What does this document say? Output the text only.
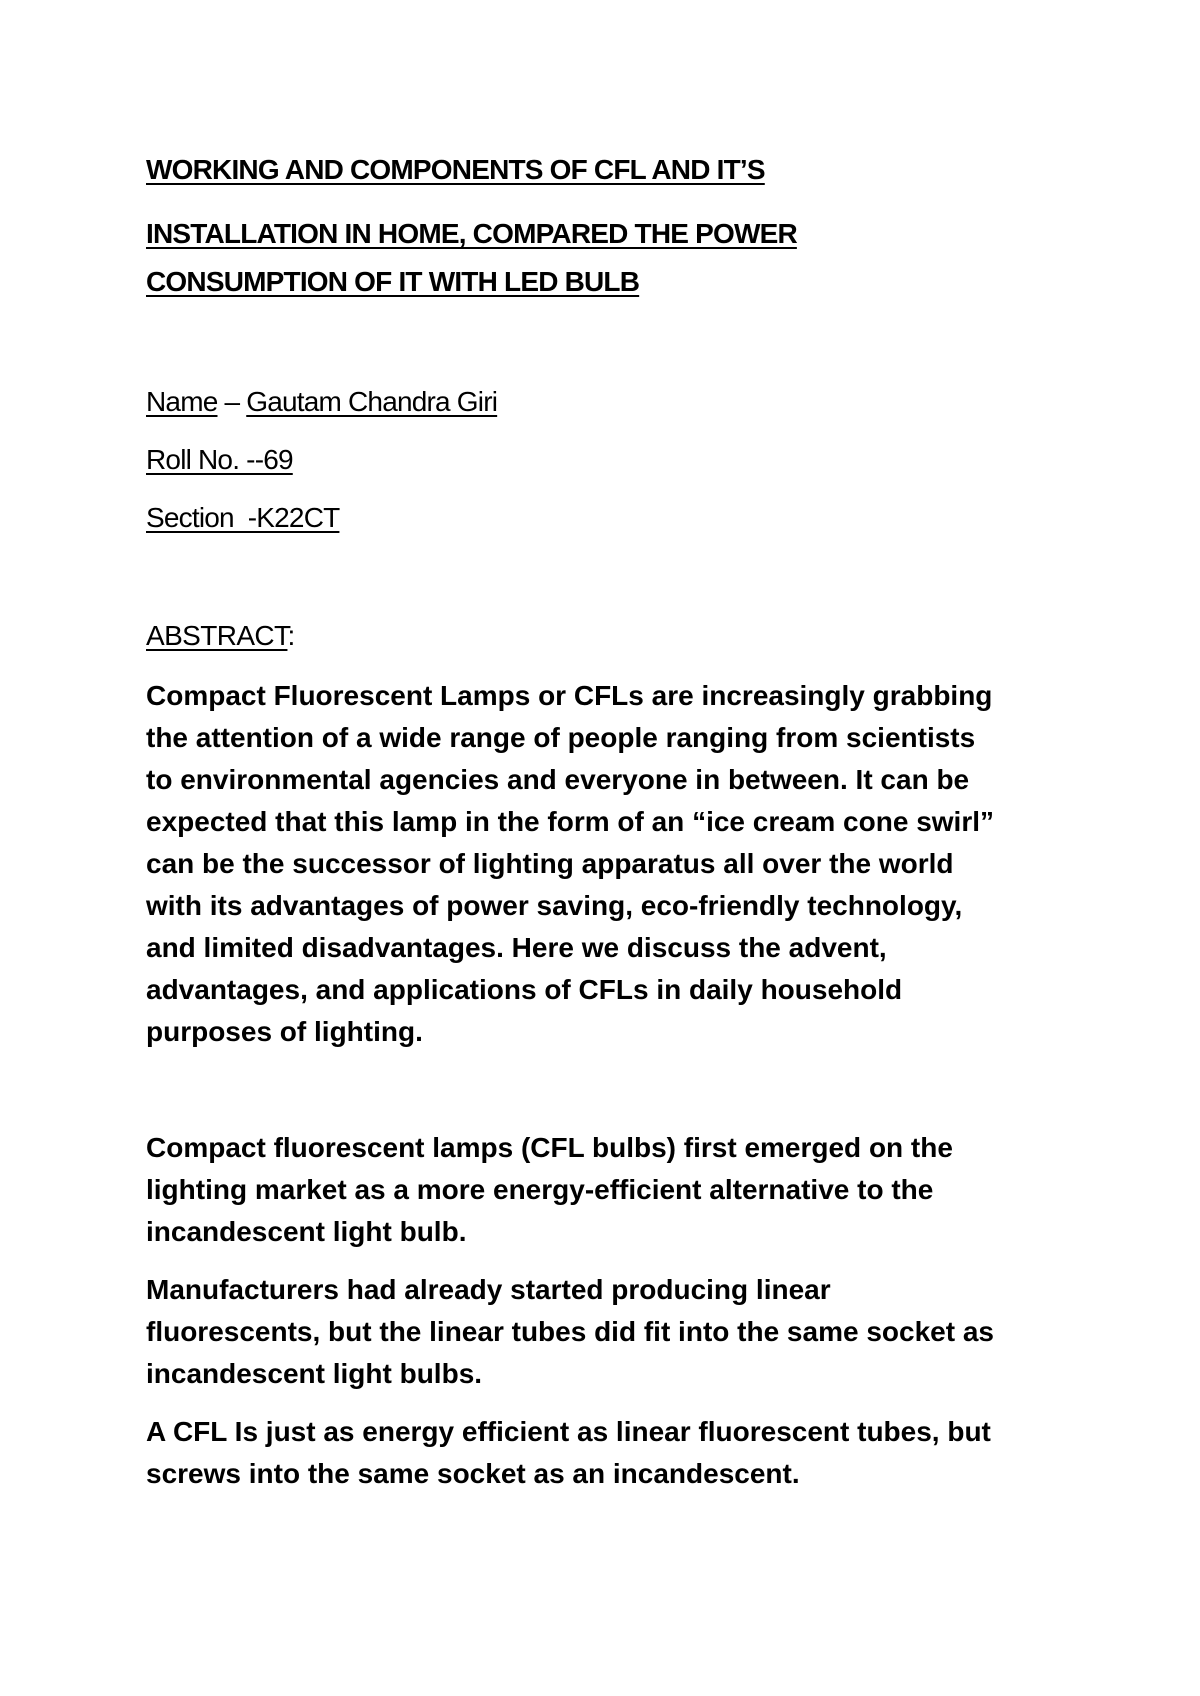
WORKING AND COMPONENTS OF CFL AND IT’S
INSTALLATION IN HOME, COMPARED THE POWER
CONSUMPTION OF IT WITH LED BULB
Name – Gautam Chandra Giri
Roll No. --69
Section  -K22CT
ABSTRACT:
Compact Fluorescent Lamps or CFLs are increasingly grabbing
the attention of a wide range of people ranging from scientists
to environmental agencies and everyone in between. It can be
expected that this lamp in the form of an “ice cream cone swirl”
can be the successor of lighting apparatus all over the world
with its advantages of power saving, eco-friendly technology,
and limited disadvantages. Here we discuss the advent,
advantages, and applications of CFLs in daily household
purposes of lighting.
Compact fluorescent lamps (CFL bulbs) first emerged on the
lighting market as a more energy-efficient alternative to the
incandescent light bulb.
Manufacturers had already started producing linear
fluorescents, but the linear tubes did fit into the same socket as
incandescent light bulbs.
A CFL Is just as energy efficient as linear fluorescent tubes, but
screws into the same socket as an incandescent.
